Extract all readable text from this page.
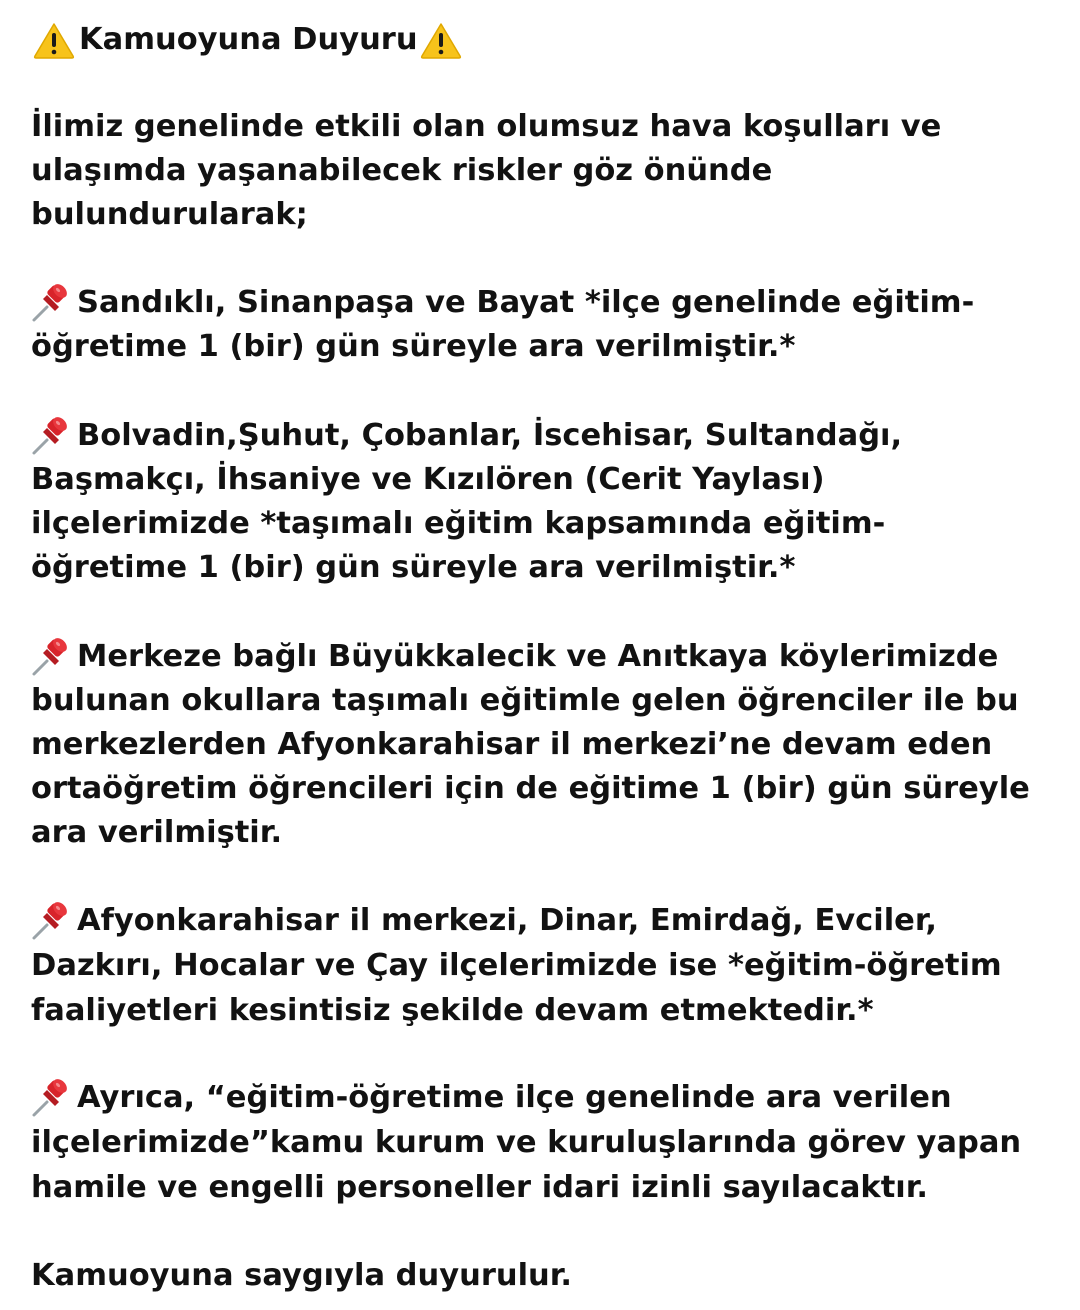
Kamuoyuna Duyuru
İlimiz genelinde etkili olan olumsuz hava koşulları ve
ulaşımda yaşanabilecek riskler göz önünde
bulundurularak;
Sandıklı, Sinanpaşa ve Bayat *ilçe genelinde eğitim-
öğretime 1 (bir) gün süreyle ara verilmiştir.*
Bolvadin,Şuhut, Çobanlar, İscehisar, Sultandağı,
Başmakçı, İhsaniye ve Kızılören (Cerit Yaylası)
ilçelerimizde *taşımalı eğitim kapsamında eğitim-
öğretime 1 (bir) gün süreyle ara verilmiştir.*
Merkeze bağlı Büyükkalecik ve Anıtkaya köylerimizde
bulunan okullara taşımalı eğitimle gelen öğrenciler ile bu
merkezlerden Afyonkarahisar il merkezi’ne devam eden
ortaöğretim öğrencileri için de eğitime 1 (bir) gün süreyle
ara verilmiştir.
Afyonkarahisar il merkezi, Dinar, Emirdağ, Evciler,
Dazkırı, Hocalar ve Çay ilçelerimizde ise *eğitim-öğretim
faaliyetleri kesintisiz şekilde devam etmektedir.*
Ayrıca, “eğitim-öğretime ilçe genelinde ara verilen
ilçelerimizde”kamu kurum ve kuruluşlarında görev yapan
hamile ve engelli personeller idari izinli sayılacaktır.
Kamuoyuna saygıyla duyurulur.
